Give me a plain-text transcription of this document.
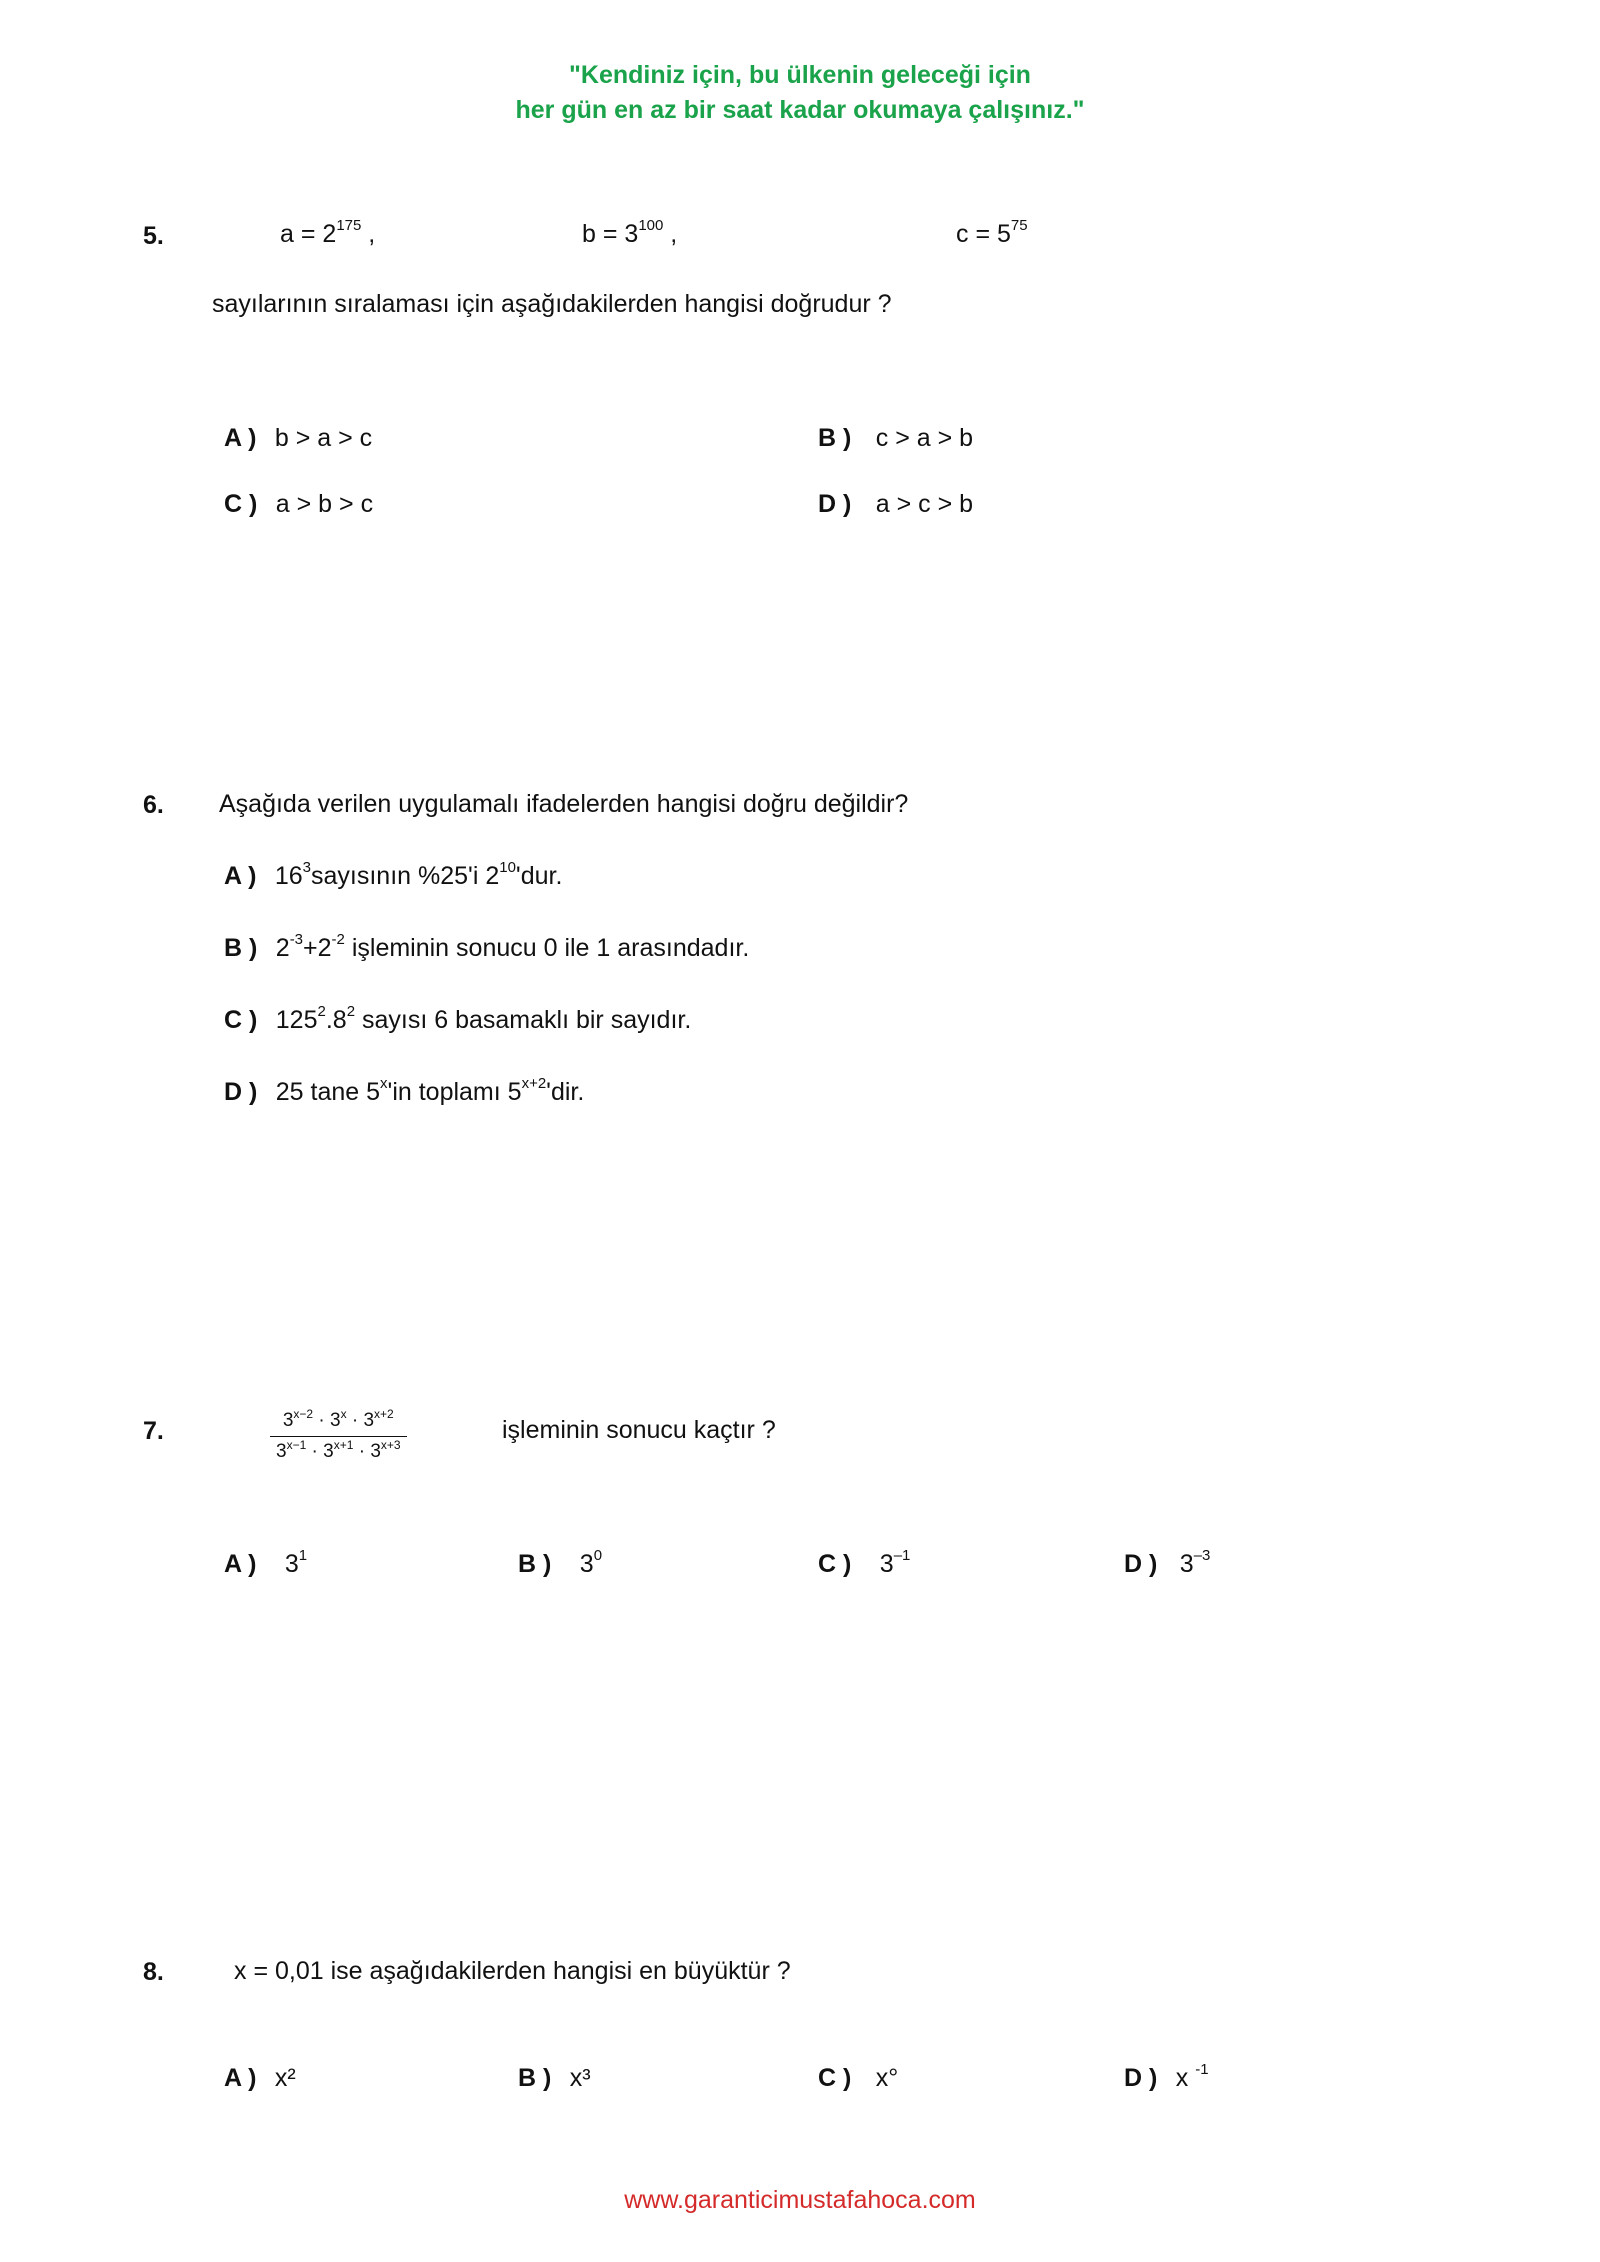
"Kendiniz için, bu ülkenin geleceği için
her gün en az bir saat kadar okumaya çalışınız."
5.	$a = 2^{175}$ ,	$b = 3^{100}$ ,	$c = 5^{75}$
sayılarının sıralaması için aşağıdakilerden hangisi doğrudur ?
A ) b > a > c	B ) c > a > b
C ) a > b > c	D ) a > c > b
6. Aşağıda verilen uygulamalı ifadelerden hangisi doğru değildir?
A ) $16^3sayısının$ %25'i $2^{10}'dur$.
B ) $2^{-3}+2^{-2}$ işleminin sonucu 0 ile 1 arasındadır.
C ) $125^2.8^2$ sayısı 6 basamaklı bir sayıdır.
D ) 25 tane 5$^x$'in toplamı $5^{x+2}'dir$.
7.	$\frac{3^{x-2} \cdot 3^x \cdot 3^{x+2}}{3^{x-1} \cdot 3^{x+1} \cdot 3^{x+3}}$	işleminin sonucu kaçtır ?
A ) $3^1$	B ) $3^0$	C ) $3^{-1}$	D ) $3^{-3}$
8.	x = 0,01 ise aşağıdakilerden hangisi en büyüktür ?
A ) x²	B ) x³	C ) x°	D ) x $^{-1}$
www.garanticimustafahoca.com
